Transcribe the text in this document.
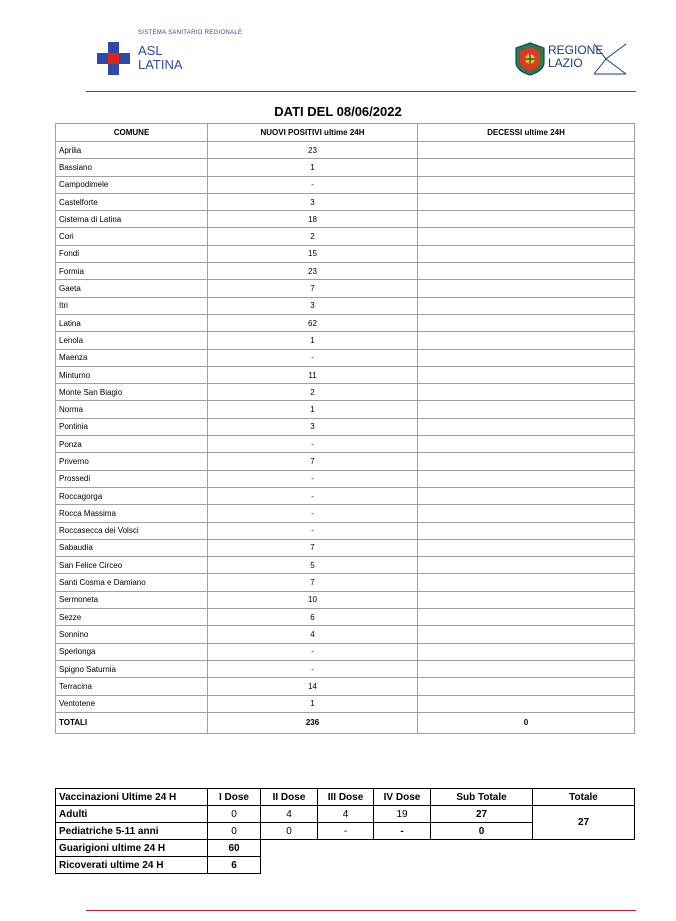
SISTEMA SANITARIO REGIONALE
ASL
LATINA
REGIONE
LAZIO
DATI DEL 08/06/2022
COMUNE	NUOVI POSITIVI ultime 24H	DECESSI ultime 24H
Aprilia	23	
Bassiano	1	
Campodimele	-	
Castelforte	3	
Cisterna di Latina	18	
Cori	2	
Fondi	15	
Formia	23	
Gaeta	7	
Itri	3	
Latina	62	
Lenola	1	
Maenza	-	
Minturno	11	
Monte San Biagio	2	
Norma	1	
Pontinia	3	
Ponza	-	
Priverno	7	
Prossedi	-	
Roccagorga	-	
Rocca Massima	-	
Roccasecca dei Volsci	-	
Sabaudia	7	
San Felice Circeo	5	
Santi Cosma e Damiano	7	
Sermoneta	10	
Sezze	6	
Sonnino	4	
Sperlonga	-	
Spigno Saturnia	-	
Terracina	14	
Ventotene	1	
TOTALI	236	0
Vaccinazioni Ultime 24 H	I Dose	II Dose	III Dose	IV Dose	Sub Totale	Totale
Adulti	0	4	4	19	27	27
Pediatriche 5-11 anni	0	0	-	-	0	
Guarigioni ultime 24 H	60					
Ricoverati ultime 24 H	6					
